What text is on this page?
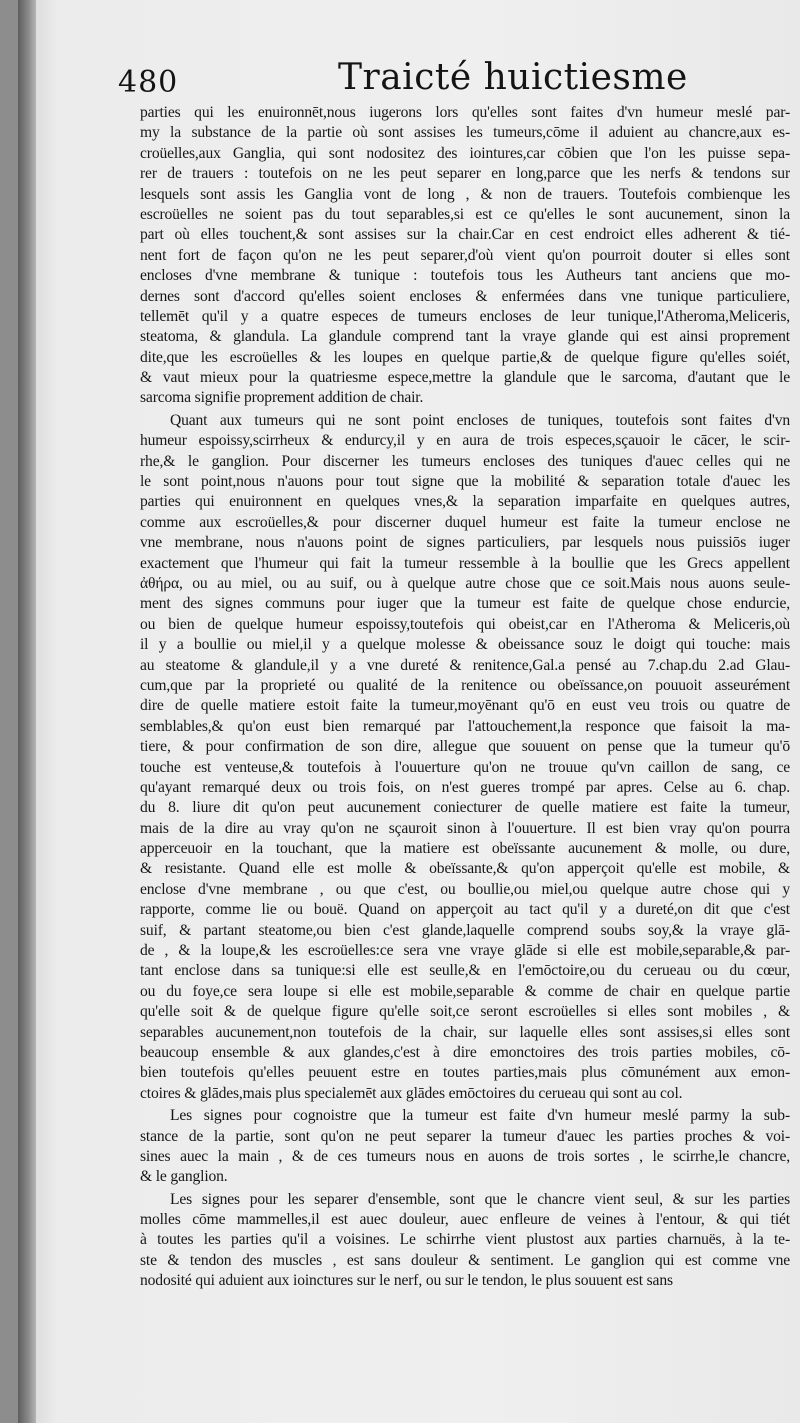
480	Traicté huictiesme
parties qui les enuironnēt,nous iugerons lors qu'elles sont faites d'vn humeur meslé par-
my la substance de la partie où sont assises les tumeurs,cōme il aduient au chancre,aux es-
croüelles,aux Ganglia, qui sont nodositez des iointures,car cōbien que l'on les puisse sepa-
rer de trauers : toutefois on ne les peut separer en long,parce que les nerfs & tendons sur
lesquels sont assis les Ganglia vont de long , & non de trauers. Toutefois combienque les
escroüelles ne soient pas du tout separables,si est ce qu'elles le sont aucunement, sinon la
part où elles touchent,& sont assises sur la chair.Car en cest endroict elles adherent & tié-
nent fort de façon qu'on ne les peut separer,d'où vient qu'on pourroit douter si elles sont
encloses d'vne membrane & tunique : toutefois tous les Autheurs tant anciens que mo-
dernes sont d'accord qu'elles soient encloses & enfermées dans vne tunique particuliere,
tellemēt qu'il y a quatre especes de tumeurs encloses de leur tunique,l'Atheroma,Meliceris,
steatoma, & glandula. La glandule comprend tant la vraye glande qui est ainsi proprement
dite,que les escroüelles & les loupes en quelque partie,& de quelque figure qu'elles soiét,
& vaut mieux pour la quatriesme espece,mettre la glandule que le sarcoma, d'autant que le
sarcoma signifie proprement addition de chair.
Quant aux tumeurs qui ne sont point encloses de tuniques, toutefois sont faites d'vn
humeur espoissy,scirrheux & endurcy,il y en aura de trois especes,sçauoir le cācer, le scir-
rhe,& le ganglion. Pour discerner les tumeurs encloses des tuniques d'auec celles qui ne
le sont point,nous n'auons pour tout signe que la mobilité & separation totale d'auec les
parties qui enuironnent en quelques vnes,& la separation imparfaite en quelques autres,
comme aux escroüelles,& pour discerner duquel humeur est faite la tumeur enclose ne
vne membrane, nous n'auons point de signes particuliers, par lesquels nous puissiōs iuger
exactement que l'humeur qui fait la tumeur ressemble à la boullie que les Grecs appellent
ἀθήρα, ou au miel, ou au suif, ou à quelque autre chose que ce soit.Mais nous auons seule-
ment des signes communs pour iuger que la tumeur est faite de quelque chose endurcie,
ou bien de quelque humeur espoissy,toutefois qui obeist,car en l'Atheroma & Meliceris,où
il y a boullie ou miel,il y a quelque molesse & obeissance souz le doigt qui touche: mais
au steatome & glandule,il y a vne dureté & renitence,Gal.a pensé au 7.chap.du 2.ad Glau-
cum,que par la proprieté ou qualité de la renitence ou obeïssance,on pouuoit asseurément
dire de quelle matiere estoit faite la tumeur,moyēnant qu'ō en eust veu trois ou quatre de
semblables,& qu'on eust bien remarqué par l'attouchement,la responce que faisoit la ma-
tiere, & pour confirmation de son dire, allegue que souuent on pense que la tumeur qu'ō
touche est venteuse,& toutefois à l'ouuerture qu'on ne trouue qu'vn caillon de sang, ce
qu'ayant remarqué deux ou trois fois, on n'est gueres trompé par apres. Celse au 6. chap.
du 8. liure dit qu'on peut aucunement coniecturer de quelle matiere est faite la tumeur,
mais de la dire au vray qu'on ne sçauroit sinon à l'ouuerture. Il est bien vray qu'on pourra
apperceuoir en la touchant, que la matiere est obeïssante aucunement & molle, ou dure,
& resistante. Quand elle est molle & obeïssante,& qu'on apperçoit qu'elle est mobile, &
enclose d'vne membrane , ou que c'est, ou boullie,ou miel,ou quelque autre chose qui y
rapporte, comme lie ou bouë. Quand on apperçoit au tact qu'il y a dureté,on dit que c'est
suif, & partant steatome,ou bien c'est glande,laquelle comprend soubs soy,& la vraye glā-
de , & la loupe,& les escroüelles:ce sera vne vraye glāde si elle est mobile,separable,& par-
tant enclose dans sa tunique:si elle est seulle,& en l'emōctoire,ou du cerueau ou du cœur,
ou du foye,ce sera loupe si elle est mobile,separable & comme de chair en quelque partie
qu'elle soit & de quelque figure qu'elle soit,ce seront escroüelles si elles sont mobiles , &
separables aucunement,non toutefois de la chair, sur laquelle elles sont assises,si elles sont
beaucoup ensemble & aux glandes,c'est à dire emonctoires des trois parties mobiles, cō-
bien toutefois qu'elles peuuent estre en toutes parties,mais plus cōmunément aux emon-
ctoires & glādes,mais plus specialemēt aux glādes emōctoires du cerueau qui sont au col.
Les signes pour cognoistre que la tumeur est faite d'vn humeur meslé parmy la sub-
stance de la partie, sont qu'on ne peut separer la tumeur d'auec les parties proches & voi-
sines auec la main , & de ces tumeurs nous en auons de trois sortes , le scirrhe,le chancre,
& le ganglion.
Les signes pour les separer d'ensemble, sont que le chancre vient seul, & sur les parties
molles cōme mammelles,il est auec douleur, auec enfleure de veines à l'entour, & qui tiét
à toutes les parties qu'il a voisines. Le schirrhe vient plustost aux parties charnuës, à la te-
ste & tendon des muscles , est sans douleur & sentiment. Le ganglion qui est comme vne
nodosité qui aduient aux ioinctures sur le nerf, ou sur le tendon, le plus souuent est sans
